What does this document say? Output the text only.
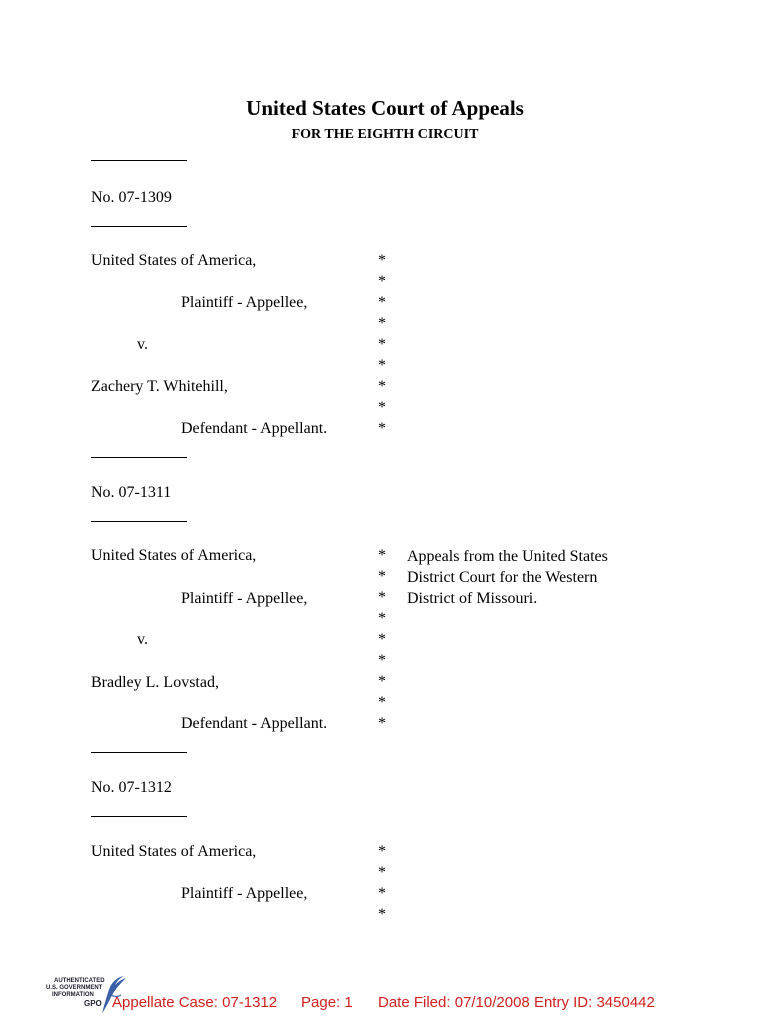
United States Court of Appeals
FOR THE EIGHTH CIRCUIT
No. 07-1309
United States of America,
Plaintiff - Appellee,
v.
Zachery T. Whitehill,
Defendant - Appellant.
No. 07-1311
United States of America,
Plaintiff - Appellee,
v.
Bradley L. Lovstad,
Defendant - Appellant.
Appeals from the United States
District Court for the Western
District of Missouri.
No. 07-1312
United States of America,
Plaintiff - Appellee,
*
*
*
*
*
*
*
*
*
*
*
*
*
*
*
*
*
*
*
*
*
*
AUTHENTICATED
U.S. GOVERNMENT
INFORMATION
GPO Appellate Case: 07-1312 Page: 1 Date Filed: 07/10/2008 Entry ID: 3450442
